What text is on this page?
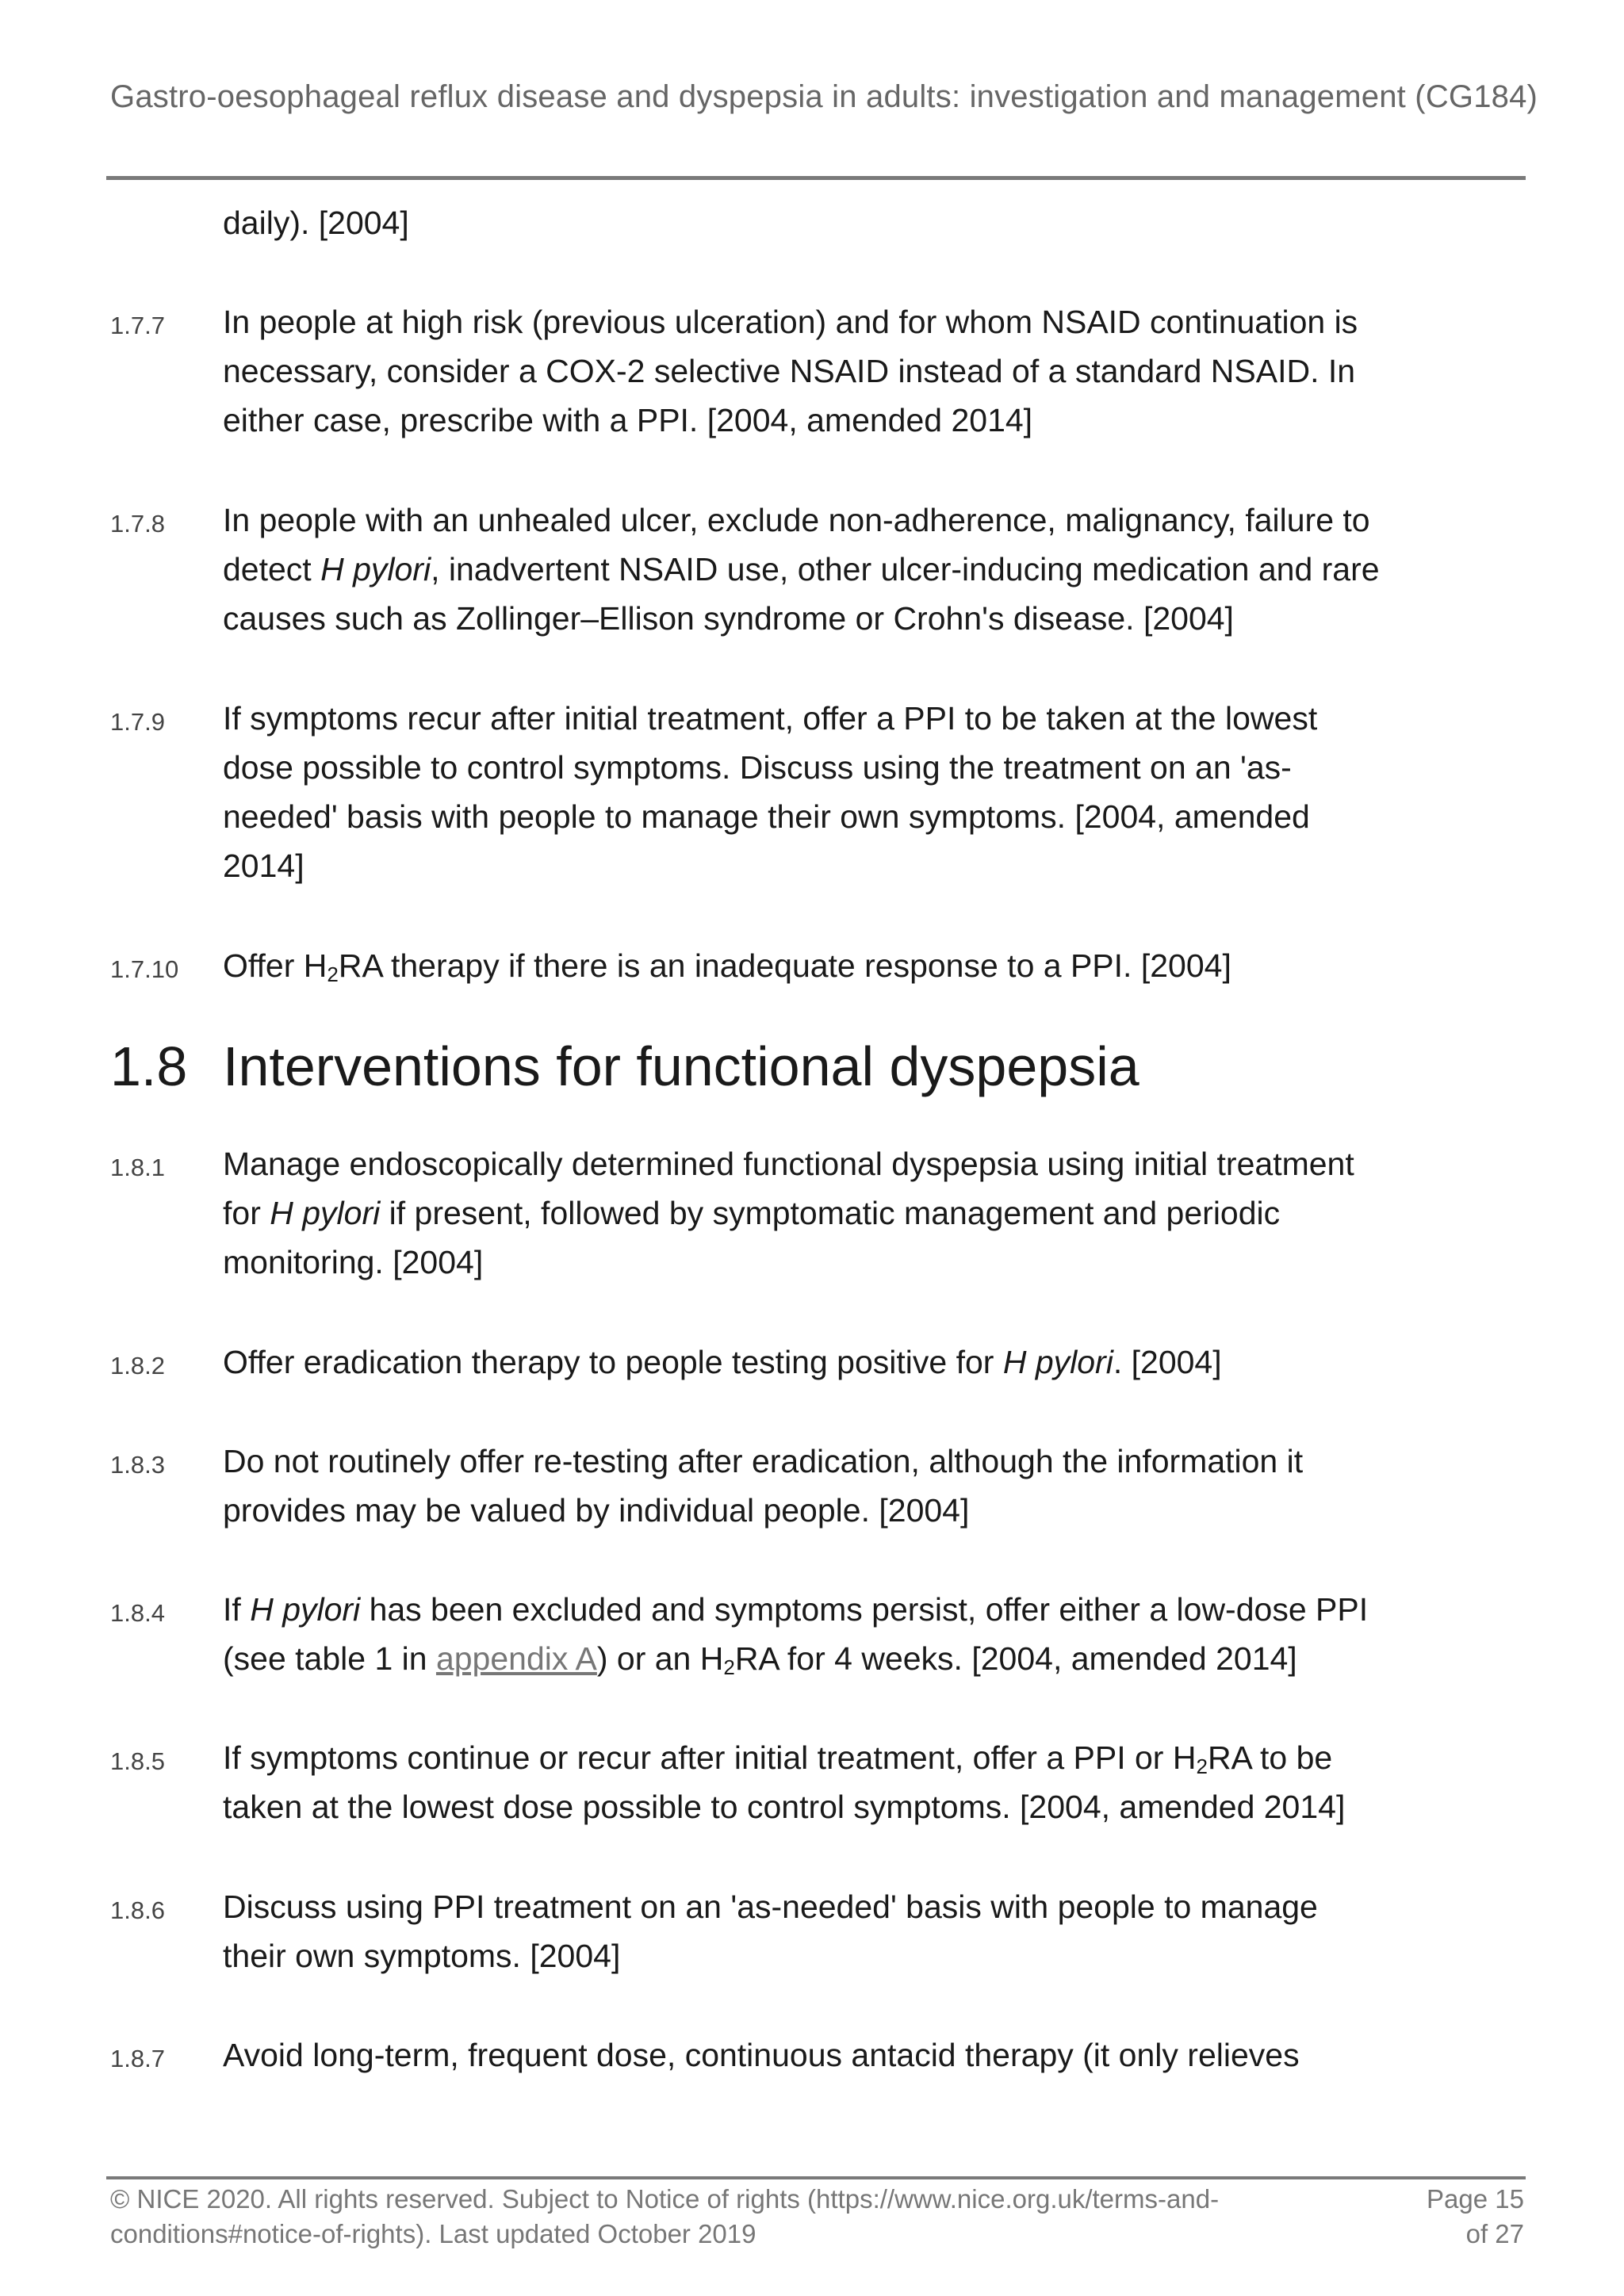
Gastro-oesophageal reflux disease and dyspepsia in adults: investigation and management (CG184)
daily). [2004]
1.7.7 In people at high risk (previous ulceration) and for whom NSAID continuation is necessary, consider a COX-2 selective NSAID instead of a standard NSAID. In either case, prescribe with a PPI. [2004, amended 2014]
1.7.8 In people with an unhealed ulcer, exclude non-adherence, malignancy, failure to detect H pylori, inadvertent NSAID use, other ulcer-inducing medication and rare causes such as Zollinger–Ellison syndrome or Crohn's disease. [2004]
1.7.9 If symptoms recur after initial treatment, offer a PPI to be taken at the lowest dose possible to control symptoms. Discuss using the treatment on an 'as-needed' basis with people to manage their own symptoms. [2004, amended 2014]
1.7.10 Offer $H_2RA$ therapy if there is an inadequate response to a PPI. [2004]
1.8 Interventions for functional dyspepsia
1.8.1 Manage endoscopically determined functional dyspepsia using initial treatment for H pylori if present, followed by symptomatic management and periodic monitoring. [2004]
1.8.2 Offer eradication therapy to people testing positive for H pylori. [2004]
1.8.3 Do not routinely offer re-testing after eradication, although the information it provides may be valued by individual people. [2004]
1.8.4 If H pylori has been excluded and symptoms persist, offer either a low-dose PPI (see table 1 in appendix A) or an $H_2RA$ for 4 weeks. [2004, amended 2014]
1.8.5 If symptoms continue or recur after initial treatment, offer a PPI or $H_2RA$ to be taken at the lowest dose possible to control symptoms. [2004, amended 2014]
1.8.6 Discuss using PPI treatment on an 'as-needed' basis with people to manage their own symptoms. [2004]
1.8.7 Avoid long-term, frequent dose, continuous antacid therapy (it only relieves
© NICE 2020. All rights reserved. Subject to Notice of rights (https://www.nice.org.uk/terms-and-conditions#notice-of-rights). Last updated October 2019
Page 15
of 27
